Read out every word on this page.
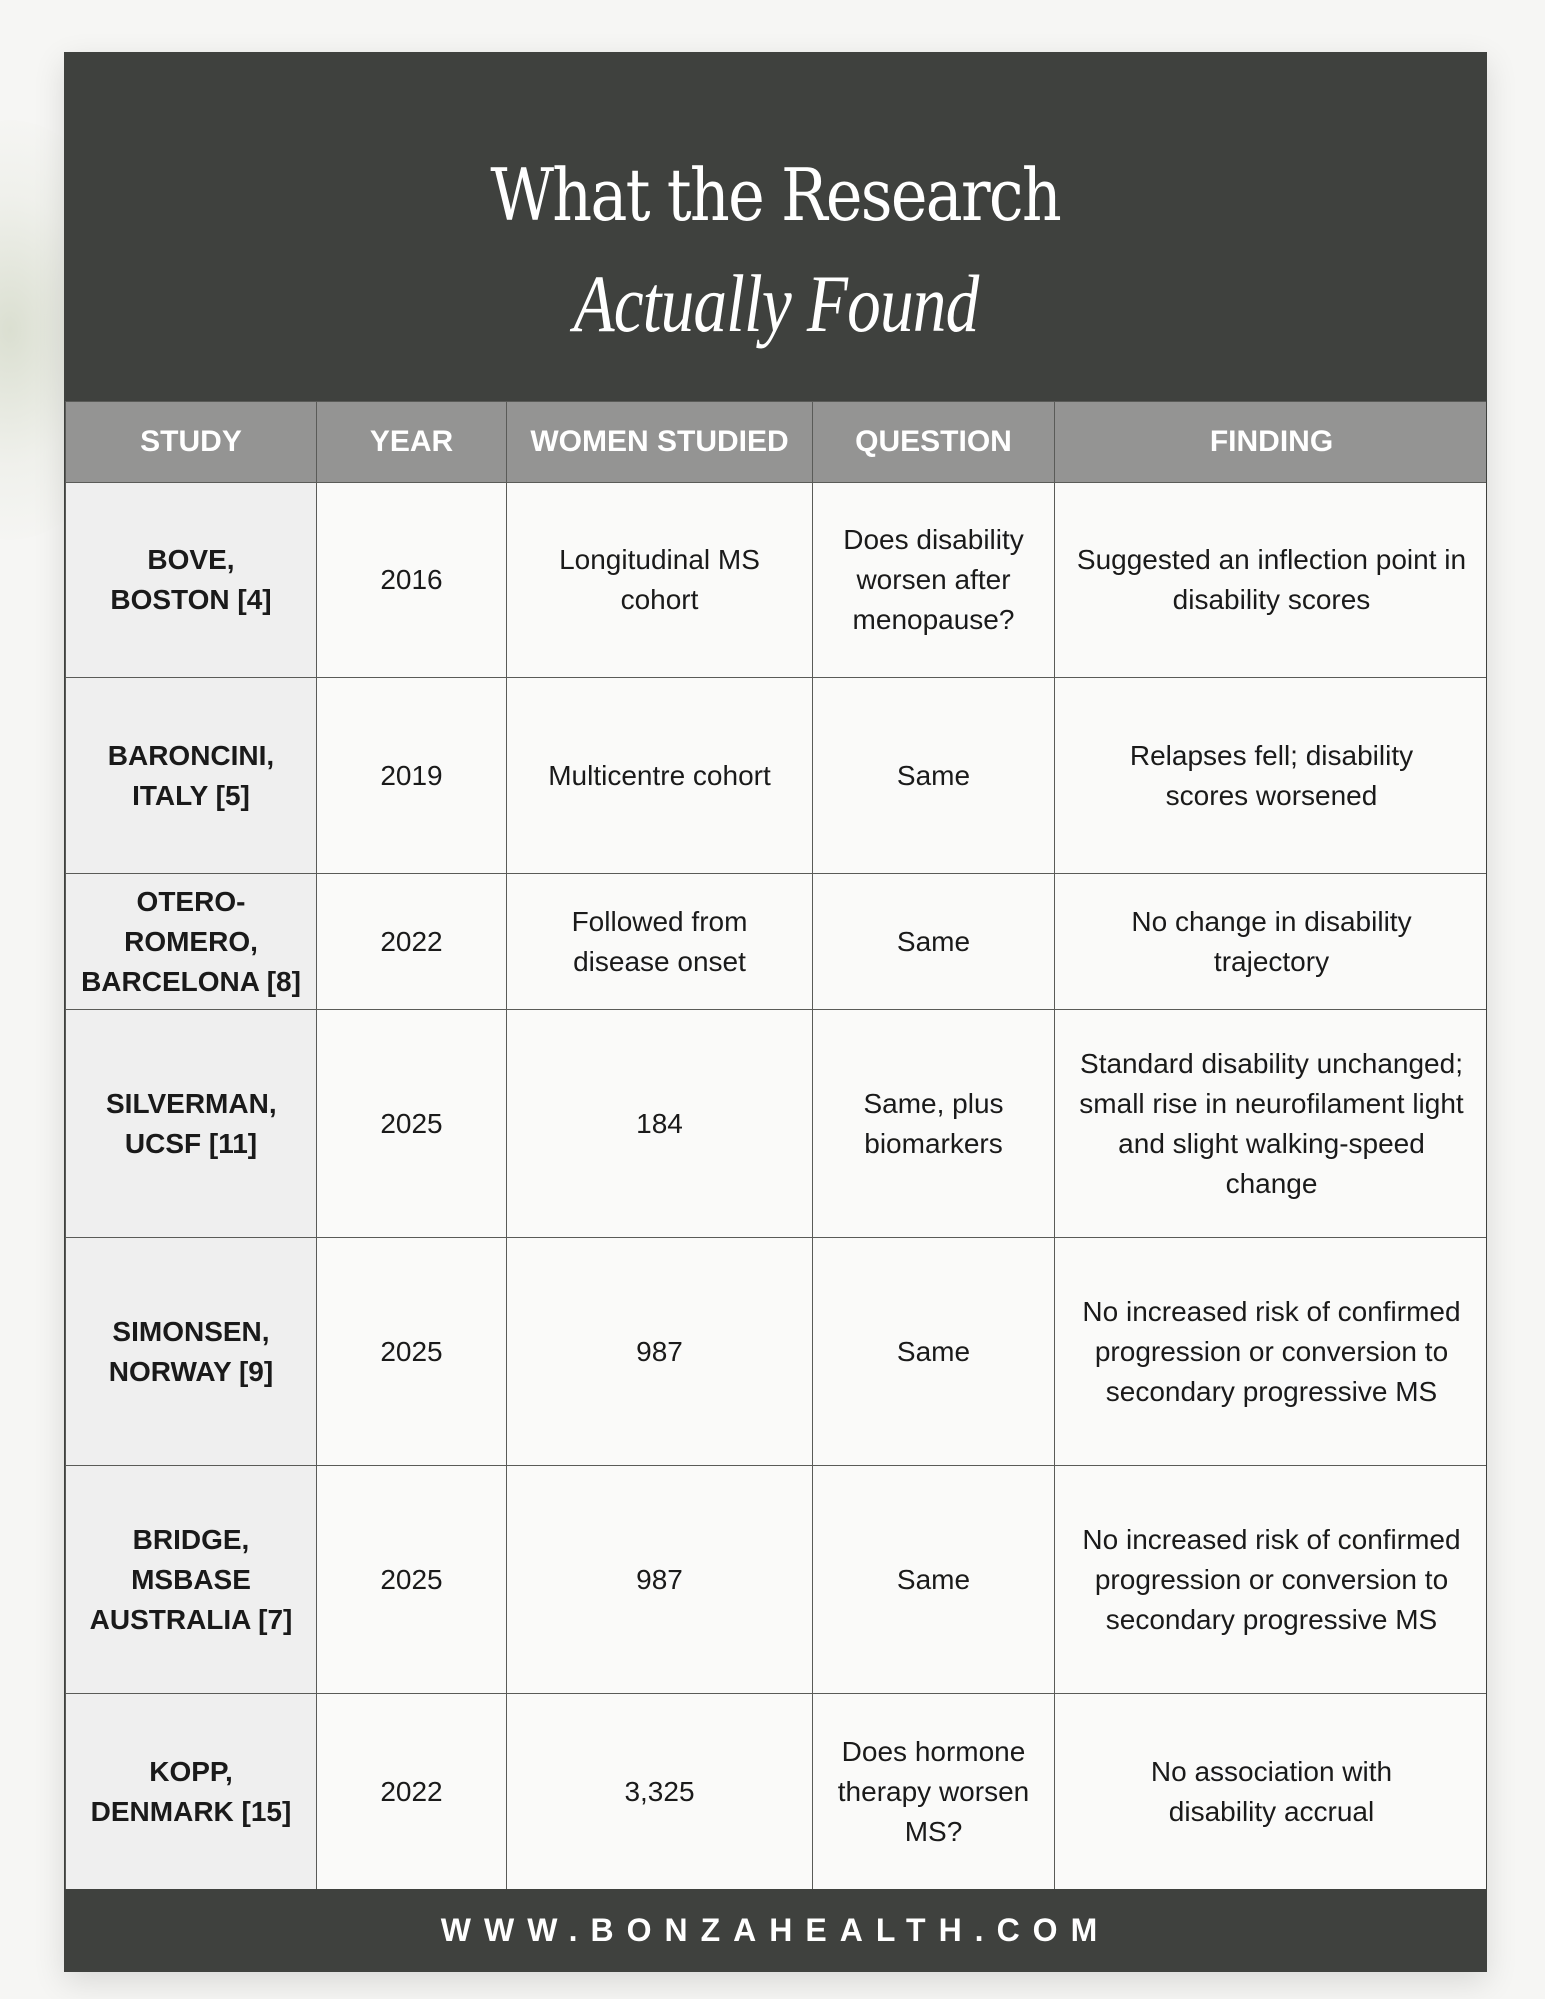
What the Research
Actually Found
STUDY	YEAR	WOMEN STUDIED	QUESTION	FINDING
BOVE, BOSTON [4]	2016	Longitudinal MS cohort	Does disability worsen after menopause?	Suggested an inflection point in disability scores
BARONCINI, ITALY [5]	2019	Multicentre cohort	Same	Relapses fell; disability scores worsened
OTERO-ROMERO, BARCELONA [8]	2022	Followed from disease onset	Same	No change in disability trajectory
SILVERMAN, UCSF [11]	2025	184	Same, plus biomarkers	Standard disability unchanged; small rise in neurofilament light and slight walking-speed change
SIMONSEN, NORWAY [9]	2025	987	Same	No increased risk of confirmed progression or conversion to secondary progressive MS
BRIDGE, MSBASE AUSTRALIA [7]	2025	987	Same	No increased risk of confirmed progression or conversion to secondary progressive MS
KOPP, DENMARK [15]	2022	3,325	Does hormone therapy worsen MS?	No association with disability accrual
WWW.BONZAHEALTH.COM
